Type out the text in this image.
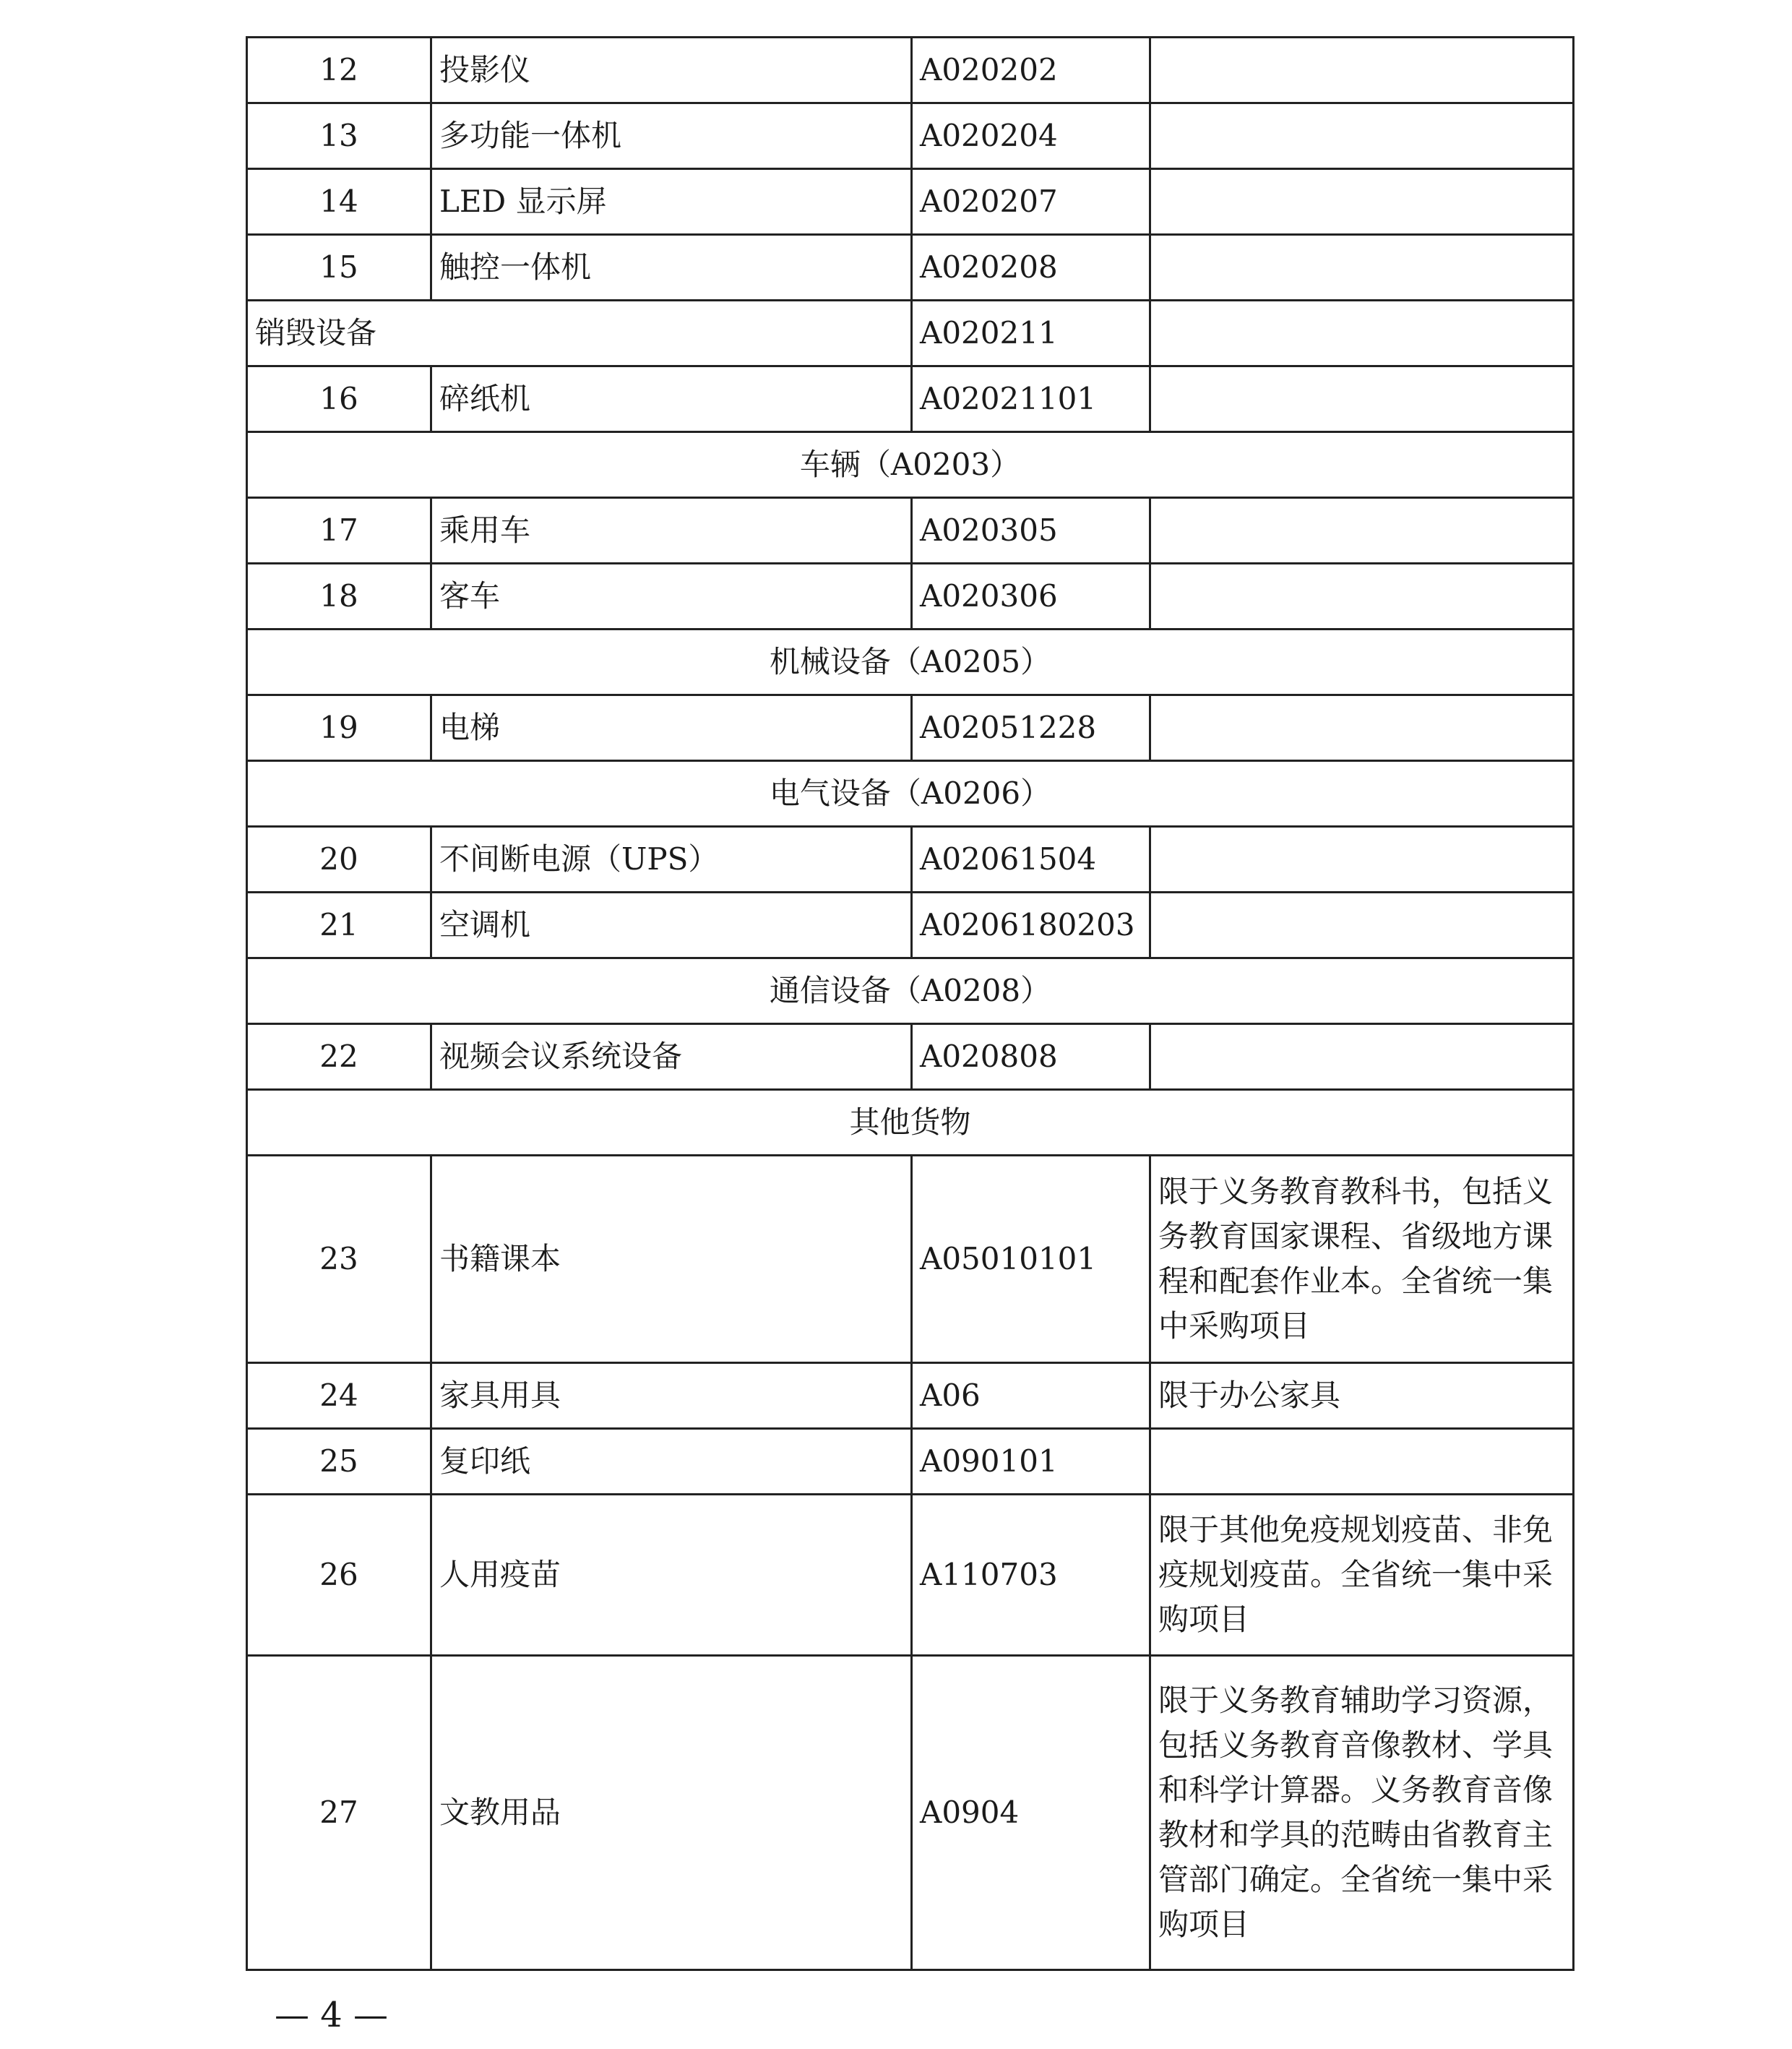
12	投影仪	A020202	
13	多功能一体机	A020204	
14	LED 显示屏	A020207	
15	触控一体机	A020208	
销毁设备		A020211	
16	碎纸机	A02021101	
车辆（A0203）			
17	乘用车	A020305	
18	客车	A020306	
机械设备（A0205）			
19	电梯	A02051228	
电气设备（A0206）			
20	不间断电源（UPS）	A02061504	
21	空调机	A0206180203	
通信设备（A0208）			
22	视频会议系统设备	A020808	
其他货物			
23	书籍课本	A05010101	限于义务教育教科书，包括义务教育国家课程、省级地方课程和配套作业本。全省统一集中采购项目
24	家具用具	A06	限于办公家具
25	复印纸	A090101	
26	人用疫苗	A110703	限于其他免疫规划疫苗、非免疫规划疫苗。全省统一集中采购项目
27	文教用品	A0904	限于义务教育辅助学习资源，包括义务教育音像教材、学具和科学计算器。义务教育音像教材和学具的范畴由省教育主管部门确定。全省统一集中采购项目
— 4 —
